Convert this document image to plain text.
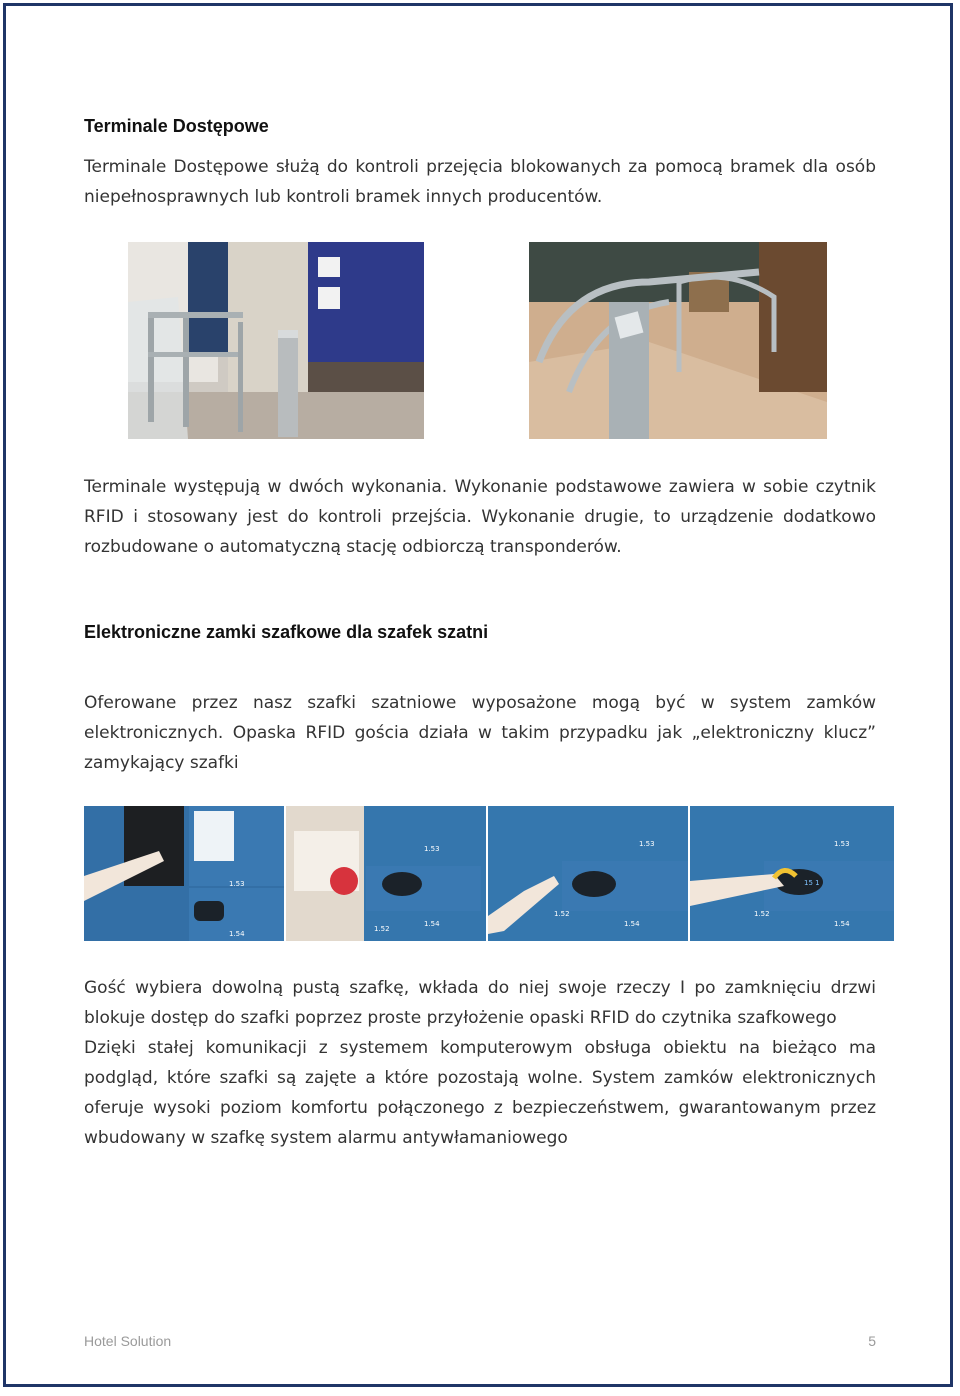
Terminale Dostępowe
Terminale Dostępowe służą do kontroli przejęcia blokowanych za pomocą bramek dla osób
niepełnosprawnych lub kontroli bramek innych producentów.
Terminale występują w dwóch wykonania. Wykonanie podstawowe zawiera w sobie czytnik
RFID i stosowany jest do kontroli przejścia. Wykonanie drugie, to urządzenie dodatkowo
rozbudowane o automatyczną stację odbiorczą transponderów.
Elektroniczne zamki szafkowe dla szafek szatni
Oferowane przez nasz szafki szatniowe wyposażone mogą być w system zamków
elektronicznych. Opaska RFID gościa działa w takim przypadku jak „elektroniczny klucz”
zamykający szafki
1.53
1.54
1.53
1.52
1.54
1.53
1.52
1.54
15 1
1.53
1.52
1.54
Gość wybiera dowolną pustą szafkę, wkłada do niej swoje rzeczy I po zamknięciu drzwi
blokuje dostęp do szafki poprzez proste przyłożenie opaski RFID do czytnika szafkowego
Dzięki stałej komunikacji z systemem komputerowym obsługa obiektu na bieżąco ma
podgląd, które szafki są zajęte a które pozostają wolne. System zamków elektronicznych
oferuje wysoki poziom komfortu połączonego z bezpieczeństwem, gwarantowanym przez
wbudowany w szafkę system alarmu antywłamaniowego
Hotel Solution	5
